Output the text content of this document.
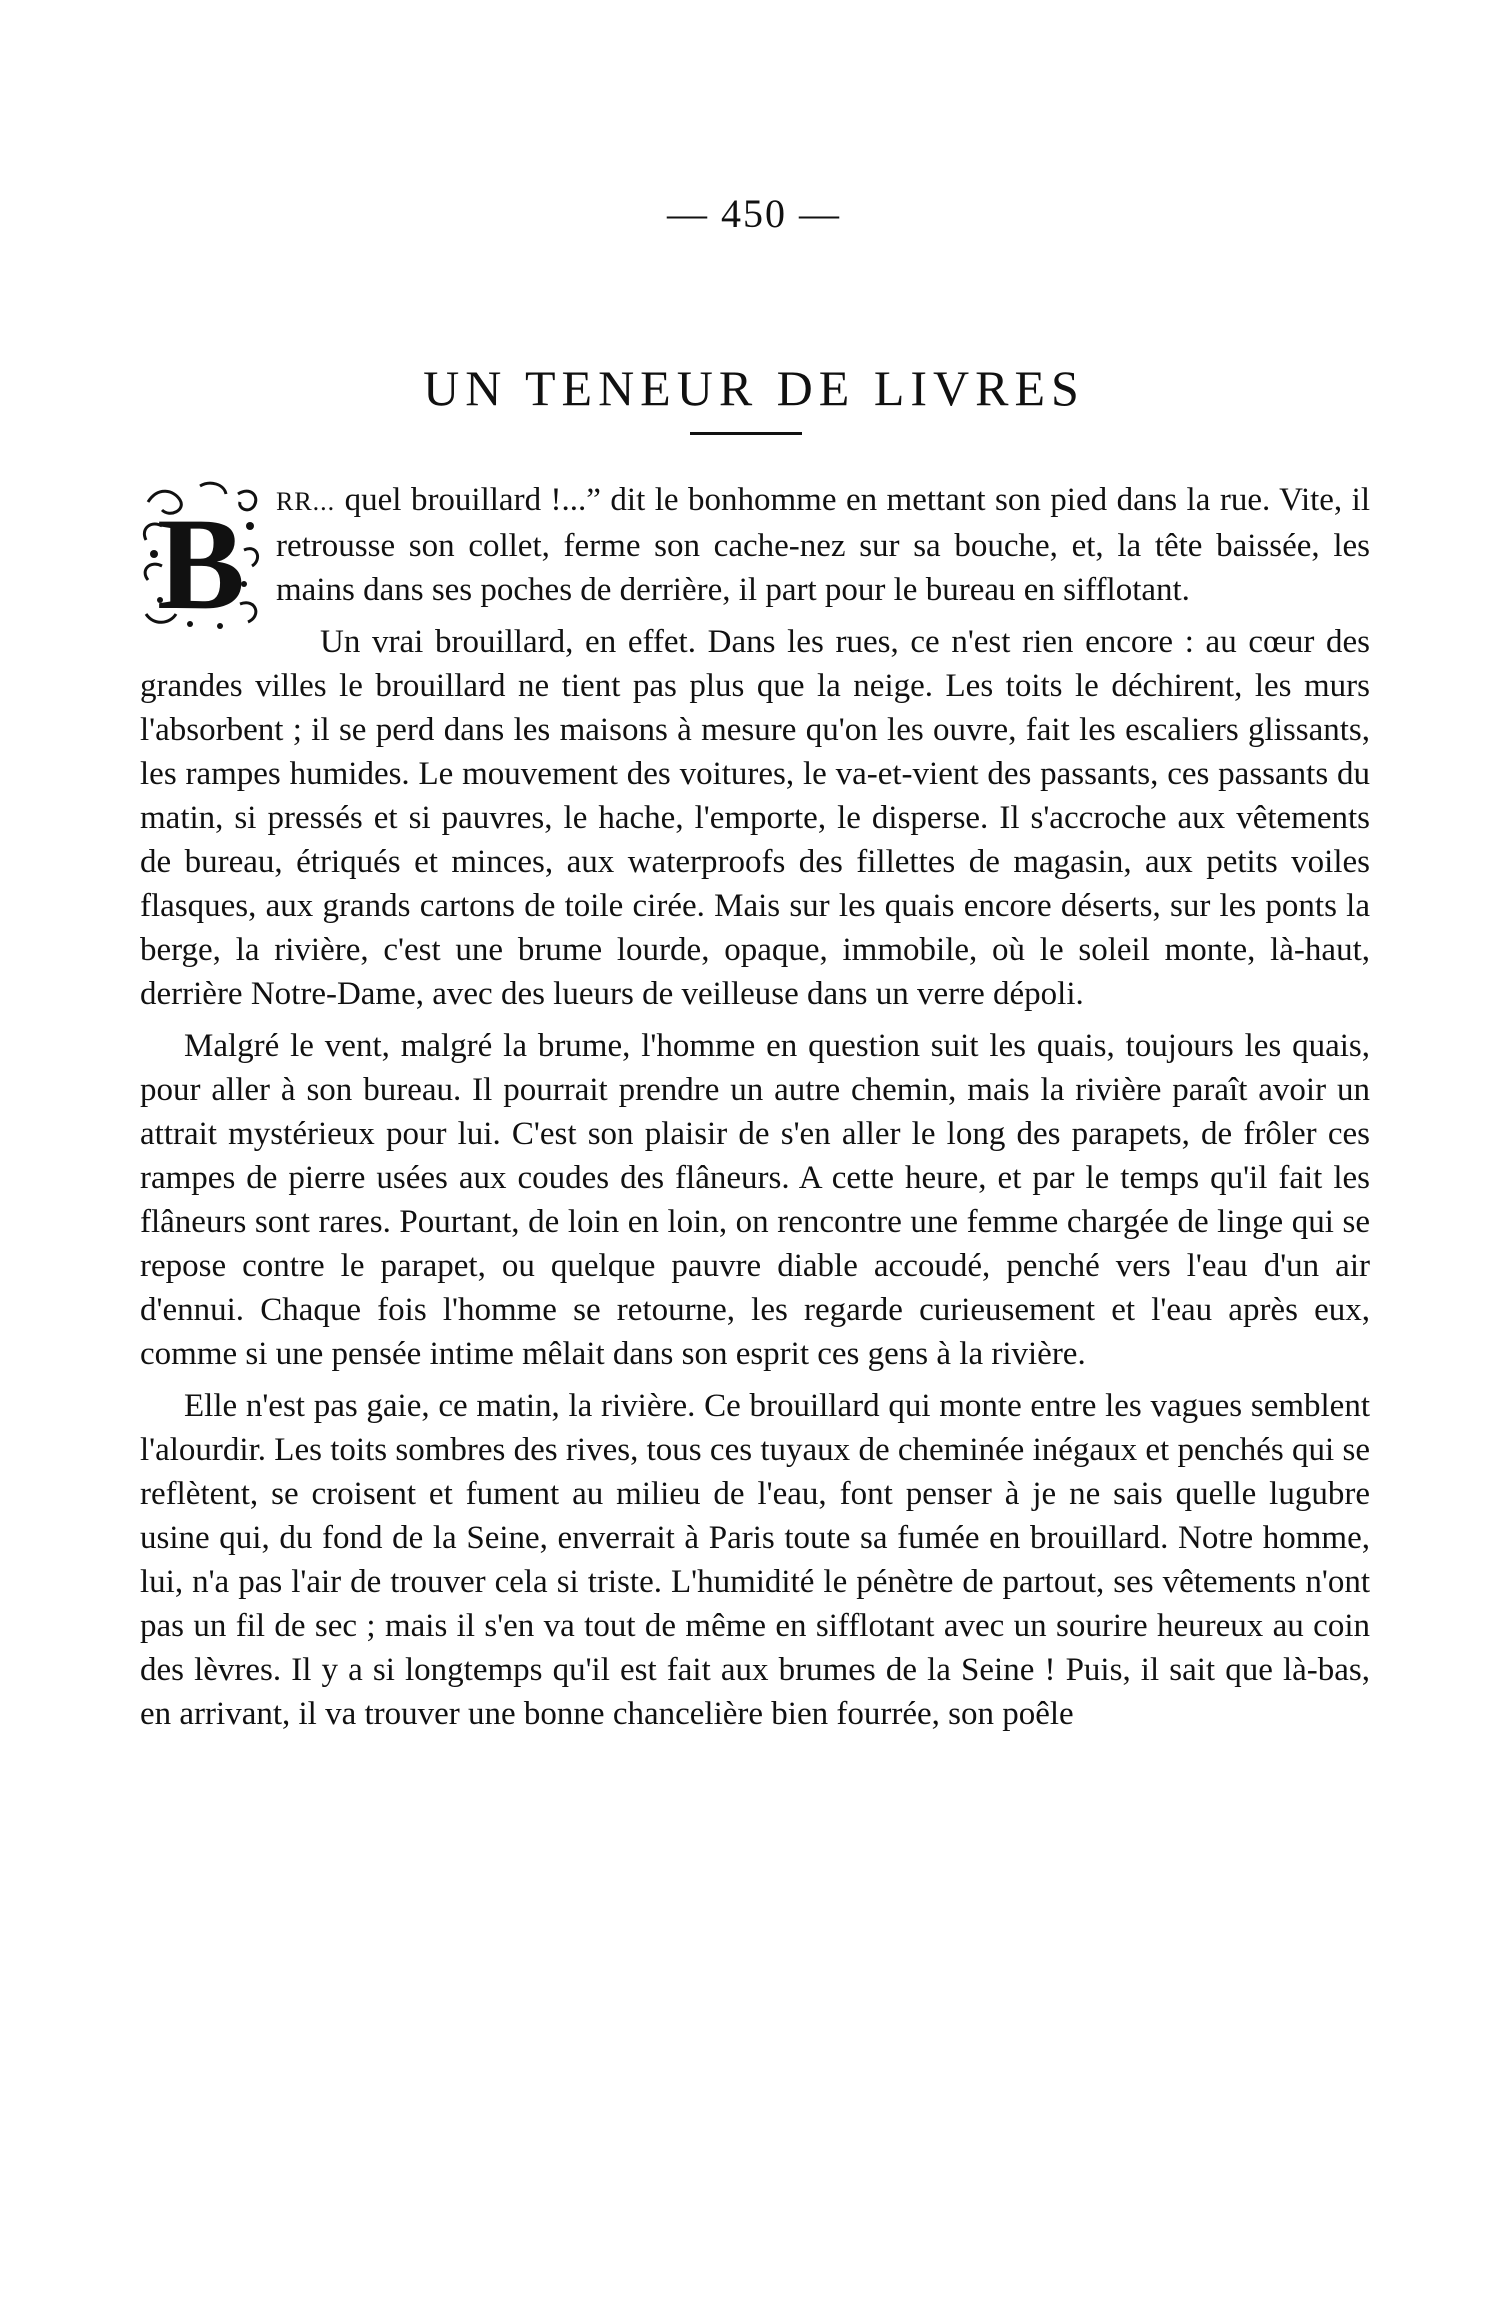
— 450 —
UN TENEUR DE LIVRES

B RR... quel brouillard !...” dit le bonhomme en mettant son pied dans la rue. Vite, il retrousse son collet, ferme son cache-nez sur sa bouche, et, la tête baissée, les mains dans ses poches de derrière, il part pour le bureau en sifflotant.

Un vrai brouillard, en effet. Dans les rues, ce n'est rien encore : au cœur des grandes villes le brouillard ne tient pas plus que la neige. Les toits le déchirent, les murs l'absorbent ; il se perd dans les maisons à mesure qu'on les ouvre, fait les escaliers glissants, les rampes humides. Le mouvement des voitures, le va-et-vient des passants, ces passants du matin, si pressés et si pauvres, le hache, l'emporte, le disperse. Il s'accroche aux vêtements de bureau, étriqués et minces, aux waterproofs des fillettes de magasin, aux petits voiles flasques, aux grands cartons de toile cirée. Mais sur les quais encore déserts, sur les ponts la berge, la rivière, c'est une brume lourde, opaque, immobile, où le soleil monte, là-haut, derrière Notre-Dame, avec des lueurs de veilleuse dans un verre dépoli.

Malgré le vent, malgré la brume, l'homme en question suit les quais, toujours les quais, pour aller à son bureau. Il pourrait prendre un autre chemin, mais la rivière paraît avoir un attrait mystérieux pour lui. C'est son plaisir de s'en aller le long des parapets, de frôler ces rampes de pierre usées aux coudes des flâneurs. A cette heure, et par le temps qu'il fait les flâneurs sont rares. Pourtant, de loin en loin, on rencontre une femme chargée de linge qui se repose contre le parapet, ou quelque pauvre diable accoudé, penché vers l'eau d'un air d'ennui. Chaque fois l'homme se retourne, les regarde curieusement et l'eau après eux, comme si une pensée intime mêlait dans son esprit ces gens à la rivière.

Elle n'est pas gaie, ce matin, la rivière. Ce brouillard qui monte entre les vagues semblent l'alourdir. Les toits sombres des rives, tous ces tuyaux de cheminée inégaux et penchés qui se reflètent, se croisent et fument au milieu de l'eau, font penser à je ne sais quelle lugubre usine qui, du fond de la Seine, enverrait à Paris toute sa fumée en brouillard. Notre homme, lui, n'a pas l'air de trouver cela si triste. L'humidité le pénètre de partout, ses vêtements n'ont pas un fil de sec ; mais il s'en va tout de même en sifflotant avec un sourire heureux au coin des lèvres. Il y a si longtemps qu'il est fait aux brumes de la Seine ! Puis, il sait que là-bas, en arrivant, il va trouver une bonne chancelière bien fourrée, son poêle
